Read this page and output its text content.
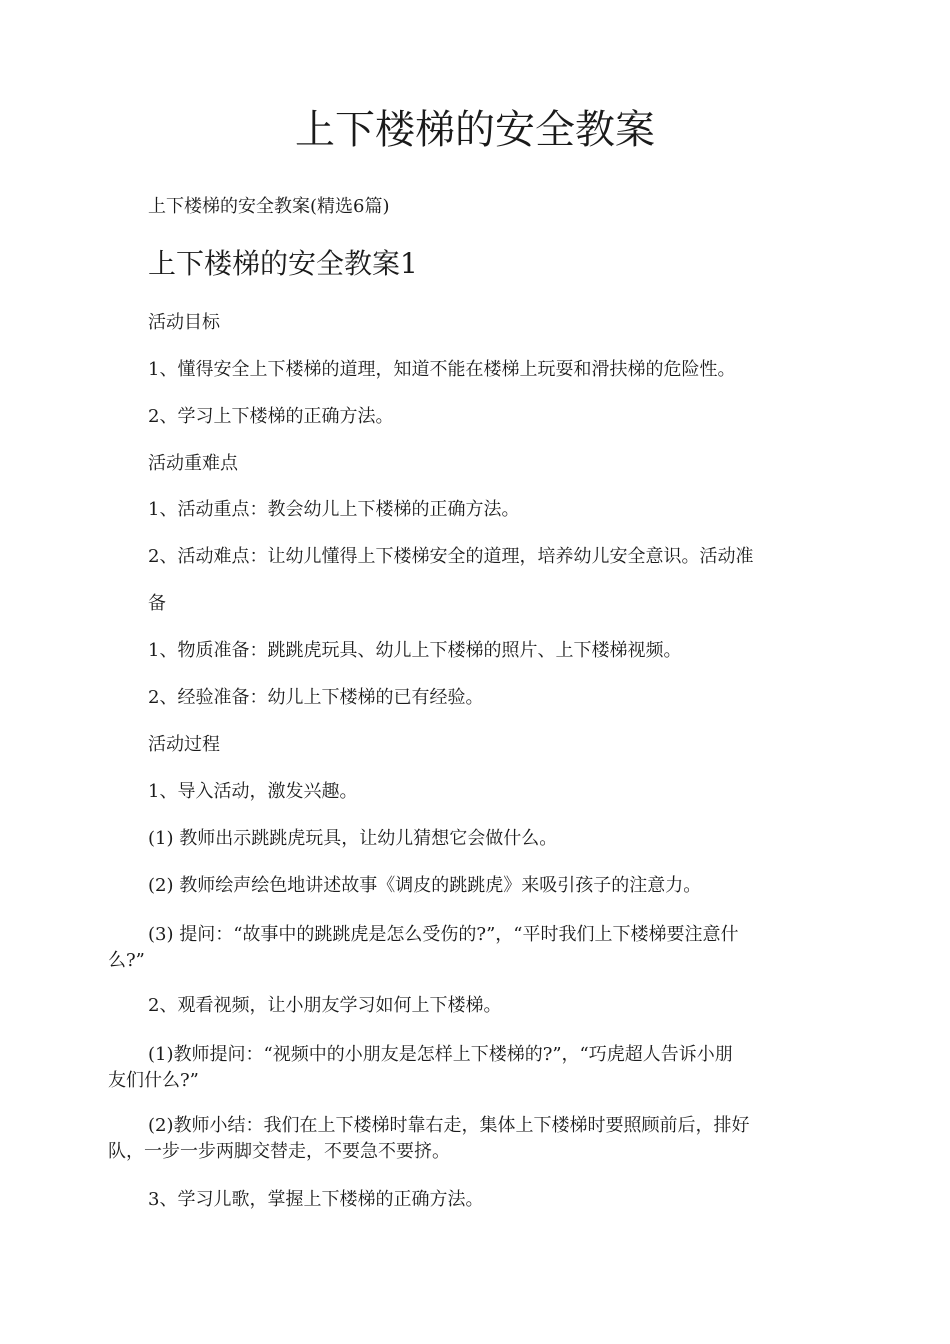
上下楼梯的安全教案

上下楼梯的安全教案(精选6篇)

上下楼梯的安全教案1

活动目标

1、懂得安全上下楼梯的道理，知道不能在楼梯上玩耍和滑扶梯的危险性。

2、学习上下楼梯的正确方法。

活动重难点

1、活动重点：教会幼儿上下楼梯的正确方法。

2、活动难点：让幼儿懂得上下楼梯安全的道理，培养幼儿安全意识。活动准

备

1、物质准备：跳跳虎玩具、幼儿上下楼梯的照片、上下楼梯视频。

2、经验准备：幼儿上下楼梯的已有经验。

活动过程

1、导入活动，激发兴趣。

(1) 教师出示跳跳虎玩具，让幼儿猜想它会做什么。

(2) 教师绘声绘色地讲述故事《调皮的跳跳虎》来吸引孩子的注意力。

(3) 提问：“故事中的跳跳虎是怎么受伤的?”，“平时我们上下楼梯要注意什

么?”

2、观看视频，让小朋友学习如何上下楼梯。

(1)教师提问：“视频中的小朋友是怎样上下楼梯的?”，“巧虎超人告诉小朋

友们什么?”

(2)教师小结：我们在上下楼梯时靠右走，集体上下楼梯时要照顾前后，排好

队，一步一步两脚交替走，不要急不要挤。

3、学习儿歌，掌握上下楼梯的正确方法。
